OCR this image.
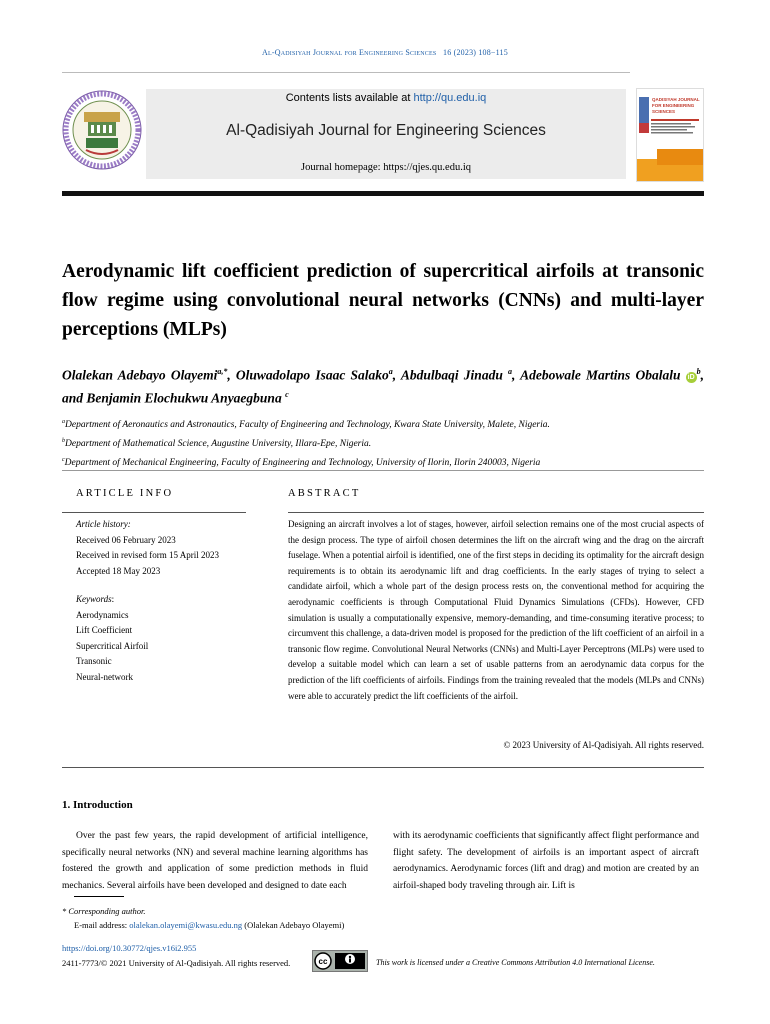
Al-Qadisiyah Journal for Engineering Sciences 16 (2023) 108−115
Contents lists available at http://qu.edu.iq
Al-Qadisiyah Journal for Engineering Sciences
Journal homepage: https://qjes.qu.edu.iq
QADISIYAH JOURNAL FOR ENGINEERING SCIENCES
Aerodynamic lift coefficient prediction of supercritical airfoils at transonic flow regime using convolutional neural networks (CNNs) and multi-layer perceptions (MLPs)
Olalekan Adebayo Olayemi$^{a,*}$, Oluwadolapo Isaac Salako$^a$, Abdulbaqi Jinadu $^a$, Adebowale Martins Obalalu $iD^b$, and Benjamin Elochukwu Anyaegbuna $^c$
$^a$Department of Aeronautics and Astronautics, Faculty of Engineering and Technology, Kwara State University, Malete, Nigeria.
$^b$Department of Mathematical Science, Augustine University, Illara-Epe, Nigeria.
$^c$Department of Mechanical Engineering, Faculty of Engineering and Technology, University of Ilorin, Ilorin 240003, Nigeria
ARTICLE INFO	ABSTRACT
Article history:
Received 06 February 2023
Received in revised form 15 April 2023
Accepted 18 May 2023
Keywords:
Aerodynamics
Lift Coefficient
Supercritical Airfoil
Transonic
Neural-network
Designing an aircraft involves a lot of stages, however, airfoil selection remains one of the most crucial aspects of the design process. The type of airfoil chosen determines the lift on the aircraft wing and the drag on the aircraft fuselage. When a potential airfoil is identified, one of the first steps in deciding its optimality for the aircraft design requirements is to obtain its aerodynamic lift and drag coefficients. In the early stages of trying to select a candidate airfoil, which a whole part of the design process rests on, the conventional method for acquiring the aerodynamic coefficients is through Computational Fluid Dynamics Simulations (CFDs). However, CFD simulation is usually a computationally expensive, memory-demanding, and time-consuming iterative process; to circumvent this challenge, a data-driven model is proposed for the prediction of the lift coefficient of an airfoil in a transonic flow regime. Convolutional Neural Networks (CNNs) and Multi-Layer Perceptrons (MLPs) were used to develop a suitable model which can learn a set of usable patterns from an aerodynamic data corpus for the prediction of the lift coefficients of airfoils. Findings from the training revealed that the models (MLPs and CNNs) were able to accurately predict the lift coefficients of the airfoil.
© 2023 University of Al-Qadisiyah. All rights reserved.
1. Introduction
Over the past few years, the rapid development of artificial intelligence, specifically neural networks (NN) and several machine learning algorithms has fostered the growth and application of some prediction methods in fluid mechanics. Several airfoils have been developed and designed to date each
with its aerodynamic coefficients that significantly affect flight performance and flight safety. The development of airfoils is an important aspect of aircraft aerodynamics. Aerodynamic forces (lift and drag) and motion are created by an airfoil-shaped body traveling through air. Lift is
* Corresponding author.
E-mail address: olalekan.olayemi@kwasu.edu.ng (Olalekan Adebayo Olayemi)
https://doi.org/10.30772/qjes.v16i2.955
2411-7773/© 2021 University of Al-Qadisiyah. All rights reserved.	cc	This work is licensed under a Creative Commons Attribution 4.0 International License.
